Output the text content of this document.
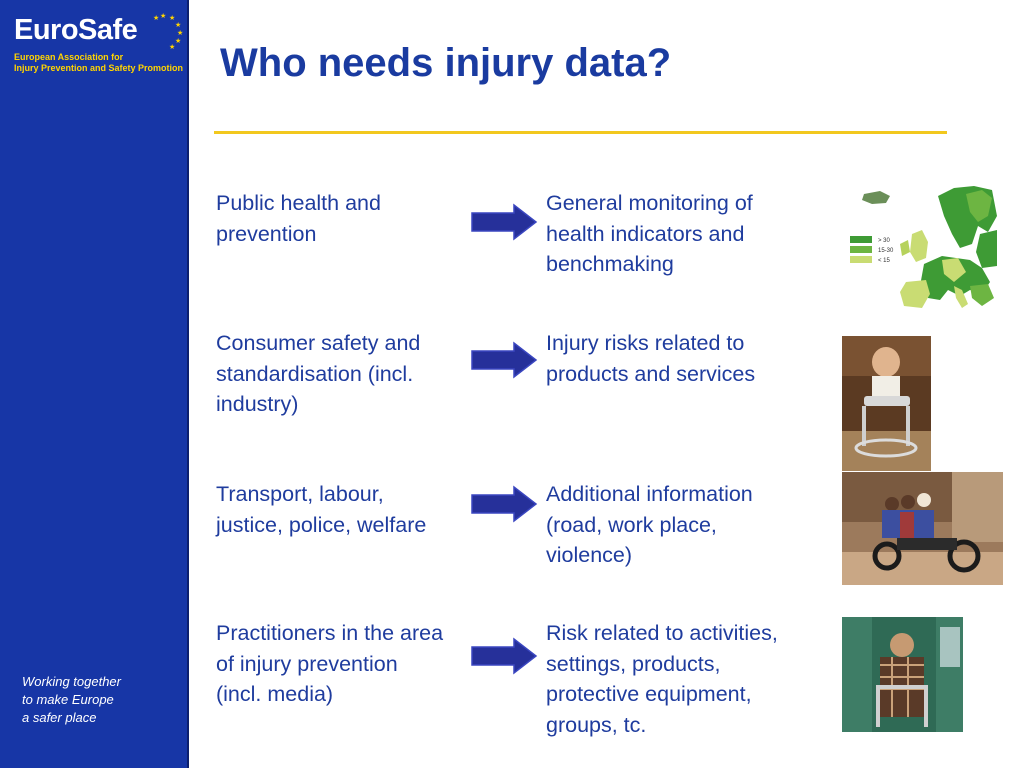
EuroSafe	★ ★
★
★
★
★
★
European Association for
Injury Prevention and Safety Promotion
Working together
to make Europe
a safer place
Who needs injury data?
Public health and
prevention
General monitoring of
health indicators and
benchmaking
> 30
15-30
< 15
Consumer safety and
standardisation (incl.
industry)
Injury risks related to
products and services
Transport, labour,
justice, police, welfare
Additional information
(road, work place,
violence)
Practitioners in the area
of injury prevention
(incl. media)
Risk related to activities,
settings, products,
protective equipment,
groups, tc.
